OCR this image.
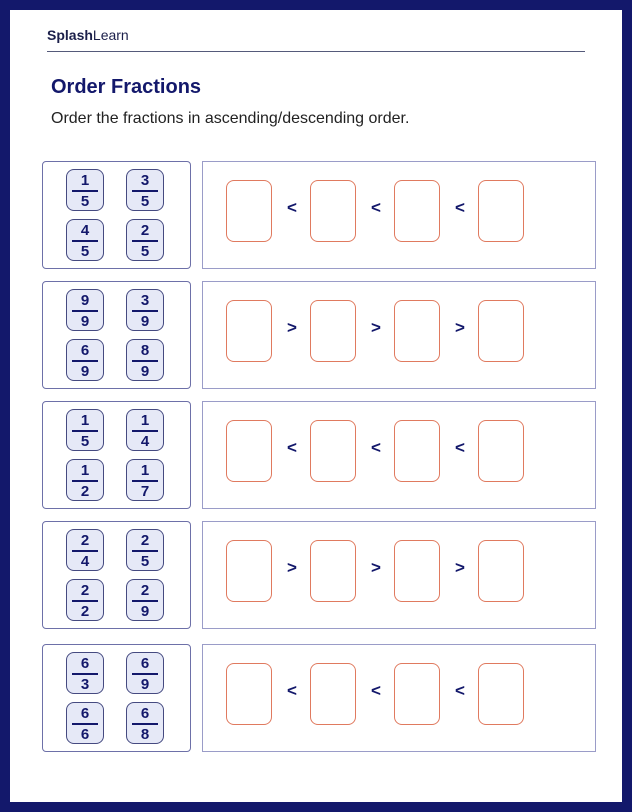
SplashLearn
Order Fractions
Order the fractions in ascending/descending order.
1
5
3
5
4
5
2
5
<	<	<
9
9
3
9
6
9
8
9
>	>	>
1
5
1
4
1
2
1
7
<	<	<
2
4
2
5
2
2
2
9
>	>	>
6
3
6
9
6
6
6
8
<	<	<
